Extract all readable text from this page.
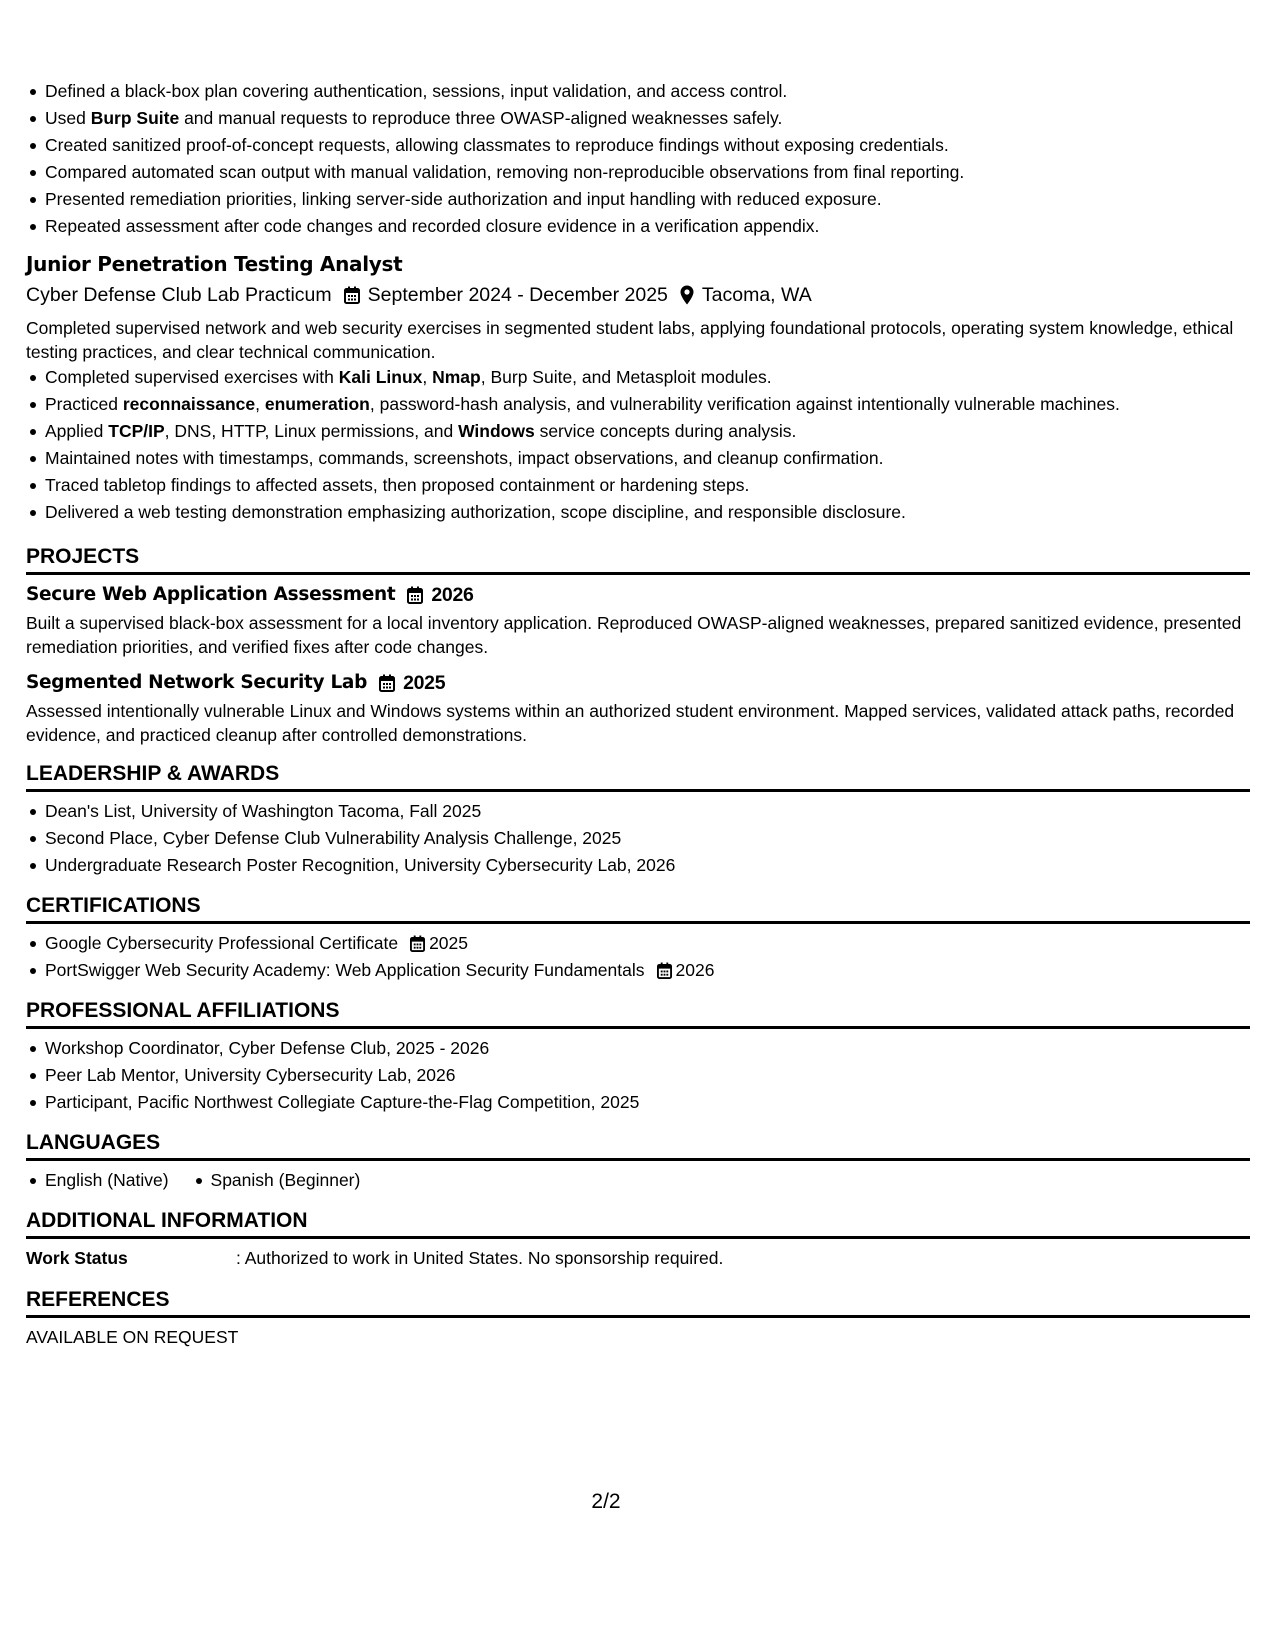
Defined a black-box plan covering authentication, sessions, input validation, and access control.
Used Burp Suite and manual requests to reproduce three OWASP-aligned weaknesses safely.
Created sanitized proof-of-concept requests, allowing classmates to reproduce findings without exposing credentials.
Compared automated scan output with manual validation, removing non-reproducible observations from final reporting.
Presented remediation priorities, linking server-side authorization and input handling with reduced exposure.
Repeated assessment after code changes and recorded closure evidence in a verification appendix.
Junior Penetration Testing Analyst
Cyber Defense Club Lab Practicum September 2024 - December 2025 Tacoma, WA
Completed supervised network and web security exercises in segmented student labs, applying foundational protocols, operating system knowledge, ethical testing practices, and clear technical communication.
Completed supervised exercises with Kali Linux, Nmap, Burp Suite, and Metasploit modules.
Practiced reconnaissance, enumeration, password-hash analysis, and vulnerability verification against intentionally vulnerable machines.
Applied TCP/IP, DNS, HTTP, Linux permissions, and Windows service concepts during analysis.
Maintained notes with timestamps, commands, screenshots, impact observations, and cleanup confirmation.
Traced tabletop findings to affected assets, then proposed containment or hardening steps.
Delivered a web testing demonstration emphasizing authorization, scope discipline, and responsible disclosure.
PROJECTS
Secure Web Application Assessment 2026
Built a supervised black-box assessment for a local inventory application. Reproduced OWASP-aligned weaknesses, prepared sanitized evidence, presented remediation priorities, and verified fixes after code changes.
Segmented Network Security Lab 2025
Assessed intentionally vulnerable Linux and Windows systems within an authorized student environment. Mapped services, validated attack paths, recorded evidence, and practiced cleanup after controlled demonstrations.
LEADERSHIP & AWARDS
Dean's List, University of Washington Tacoma, Fall 2025
Second Place, Cyber Defense Club Vulnerability Analysis Challenge, 2025
Undergraduate Research Poster Recognition, University Cybersecurity Lab, 2026
CERTIFICATIONS
Google Cybersecurity Professional Certificate 2025
PortSwigger Web Security Academy: Web Application Security Fundamentals 2026
PROFESSIONAL AFFILIATIONS
Workshop Coordinator, Cyber Defense Club, 2025 - 2026
Peer Lab Mentor, University Cybersecurity Lab, 2026
Participant, Pacific Northwest Collegiate Capture-the-Flag Competition, 2025
LANGUAGES
English (Native) Spanish (Beginner)
ADDITIONAL INFORMATION
Work Status	: Authorized to work in United States. No sponsorship required.
REFERENCES
AVAILABLE ON REQUEST
2/2
